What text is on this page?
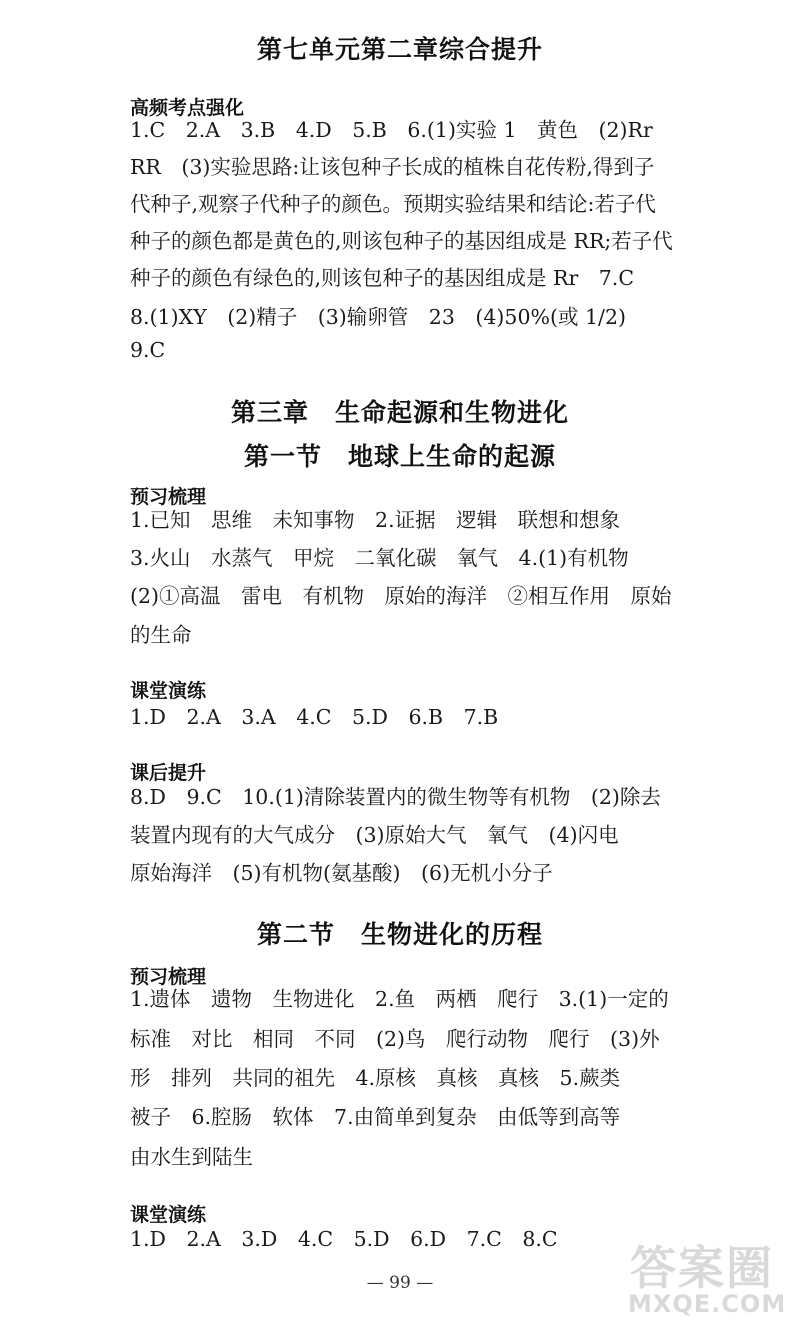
第七单元第二章综合提升
高频考点强化
1.C　2.A　3.B　4.D　5.B　6.(1)实验 1　黄色　(2)Rr
RR　(3)实验思路:让该包种子长成的植株自花传粉,得到子
代种子,观察子代种子的颜色。预期实验结果和结论:若子代
种子的颜色都是黄色的,则该包种子的基因组成是 RR;若子代
种子的颜色有绿色的,则该包种子的基因组成是 Rr　7.C
8.(1)XY　(2)精子　(3)输卵管　23　(4)50%(或 1/2)
9.C
第三章　生命起源和生物进化
第一节　地球上生命的起源
预习梳理
1.已知　思维　未知事物　2.证据　逻辑　联想和想象
3.火山　水蒸气　甲烷　二氧化碳　氧气　4.(1)有机物
(2)①高温　雷电　有机物　原始的海洋　②相互作用　原始
的生命
课堂演练
1.D　2.A　3.A　4.C　5.D　6.B　7.B
课后提升
8.D　9.C　10.(1)清除装置内的微生物等有机物　(2)除去
装置内现有的大气成分　(3)原始大气　氧气　(4)闪电
原始海洋　(5)有机物(氨基酸)　(6)无机小分子
第二节　生物进化的历程
预习梳理
1.遗体　遗物　生物进化　2.鱼　两栖　爬行　3.(1)一定的
标准　对比　相同　不同　(2)鸟　爬行动物　爬行　(3)外
形　排列　共同的祖先　4.原核　真核　真核　5.蕨类
被子　6.腔肠　软体　7.由简单到复杂　由低等到高等
由水生到陆生
课堂演练
1.D　2.A　3.D　4.C　5.D　6.D　7.C　8.C
— 99 —	答案圈
MXQE.COM
